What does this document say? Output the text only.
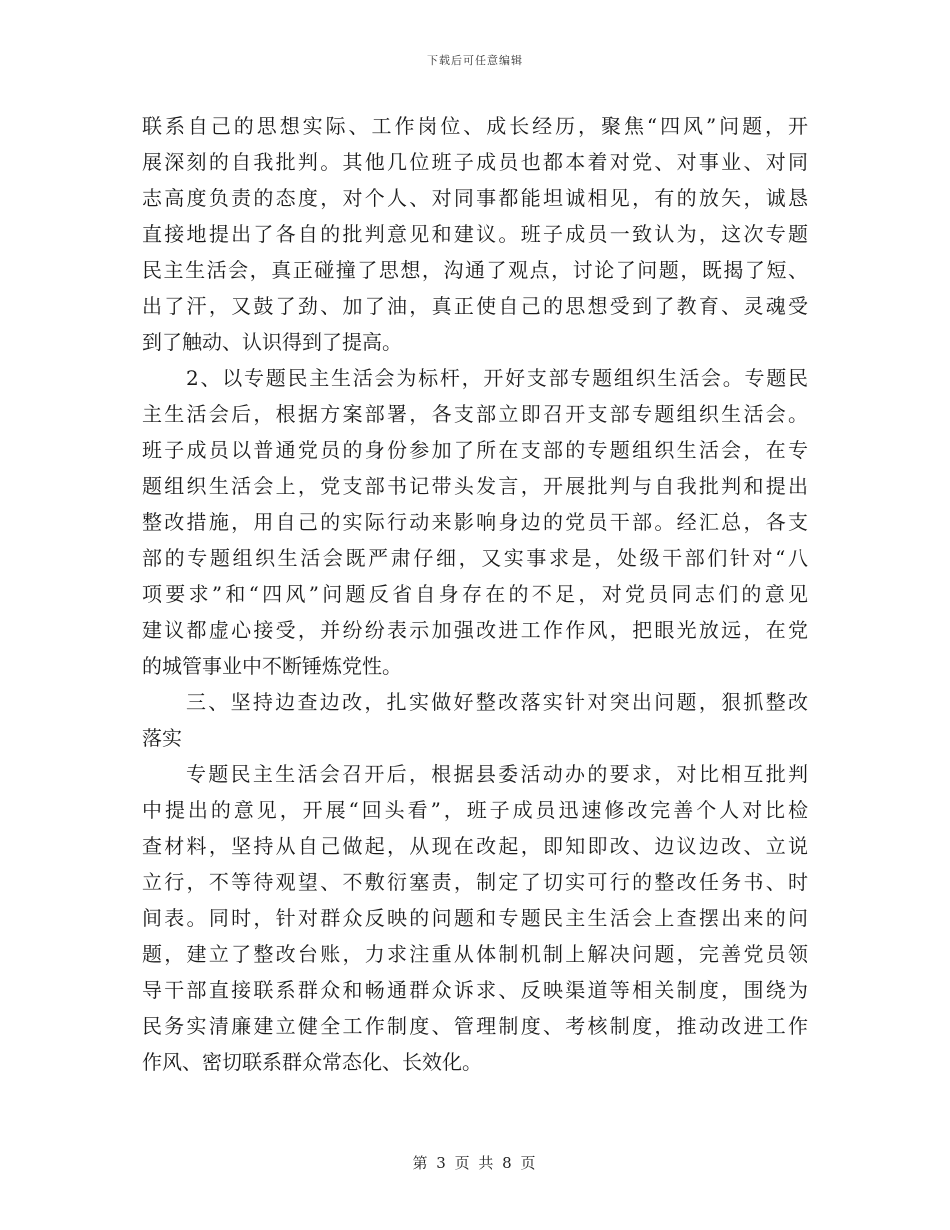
下载后可任意编辑
联系自己的思想实际、工作岗位、成长经历，聚焦“四风”问题，开
展深刻的自我批判。其他几位班子成员也都本着对党、对事业、对同
志高度负责的态度，对个人、对同事都能坦诚相见，有的放矢，诚恳
直接地提出了各自的批判意见和建议。班子成员一致认为，这次专题
民主生活会，真正碰撞了思想，沟通了观点，讨论了问题，既揭了短、
出了汗，又鼓了劲、加了油，真正使自己的思想受到了教育、灵魂受
到了触动、认识得到了提高。
2、以专题民主生活会为标杆，开好支部专题组织生活会。专题民
主生活会后，根据方案部署，各支部立即召开支部专题组织生活会。
班子成员以普通党员的身份参加了所在支部的专题组织生活会，在专
题组织生活会上，党支部书记带头发言，开展批判与自我批判和提出
整改措施，用自己的实际行动来影响身边的党员干部。经汇总，各支
部的专题组织生活会既严肃仔细，又实事求是，处级干部们针对“八
项要求”和“四风”问题反省自身存在的不足，对党员同志们的意见
建议都虚心接受，并纷纷表示加强改进工作作风，把眼光放远，在党
的城管事业中不断锤炼党性。
三、坚持边查边改，扎实做好整改落实针对突出问题，狠抓整改
落实
专题民主生活会召开后，根据县委活动办的要求，对比相互批判
中提出的意见，开展“回头看”，班子成员迅速修改完善个人对比检
查材料，坚持从自己做起，从现在改起，即知即改、边议边改、立说
立行，不等待观望、不敷衍塞责，制定了切实可行的整改任务书、时
间表。同时，针对群众反映的问题和专题民主生活会上查摆出来的问
题，建立了整改台账，力求注重从体制机制上解决问题，完善党员领
导干部直接联系群众和畅通群众诉求、反映渠道等相关制度，围绕为
民务实清廉建立健全工作制度、管理制度、考核制度，推动改进工作
作风、密切联系群众常态化、长效化。
第 3 页 共 8 页
